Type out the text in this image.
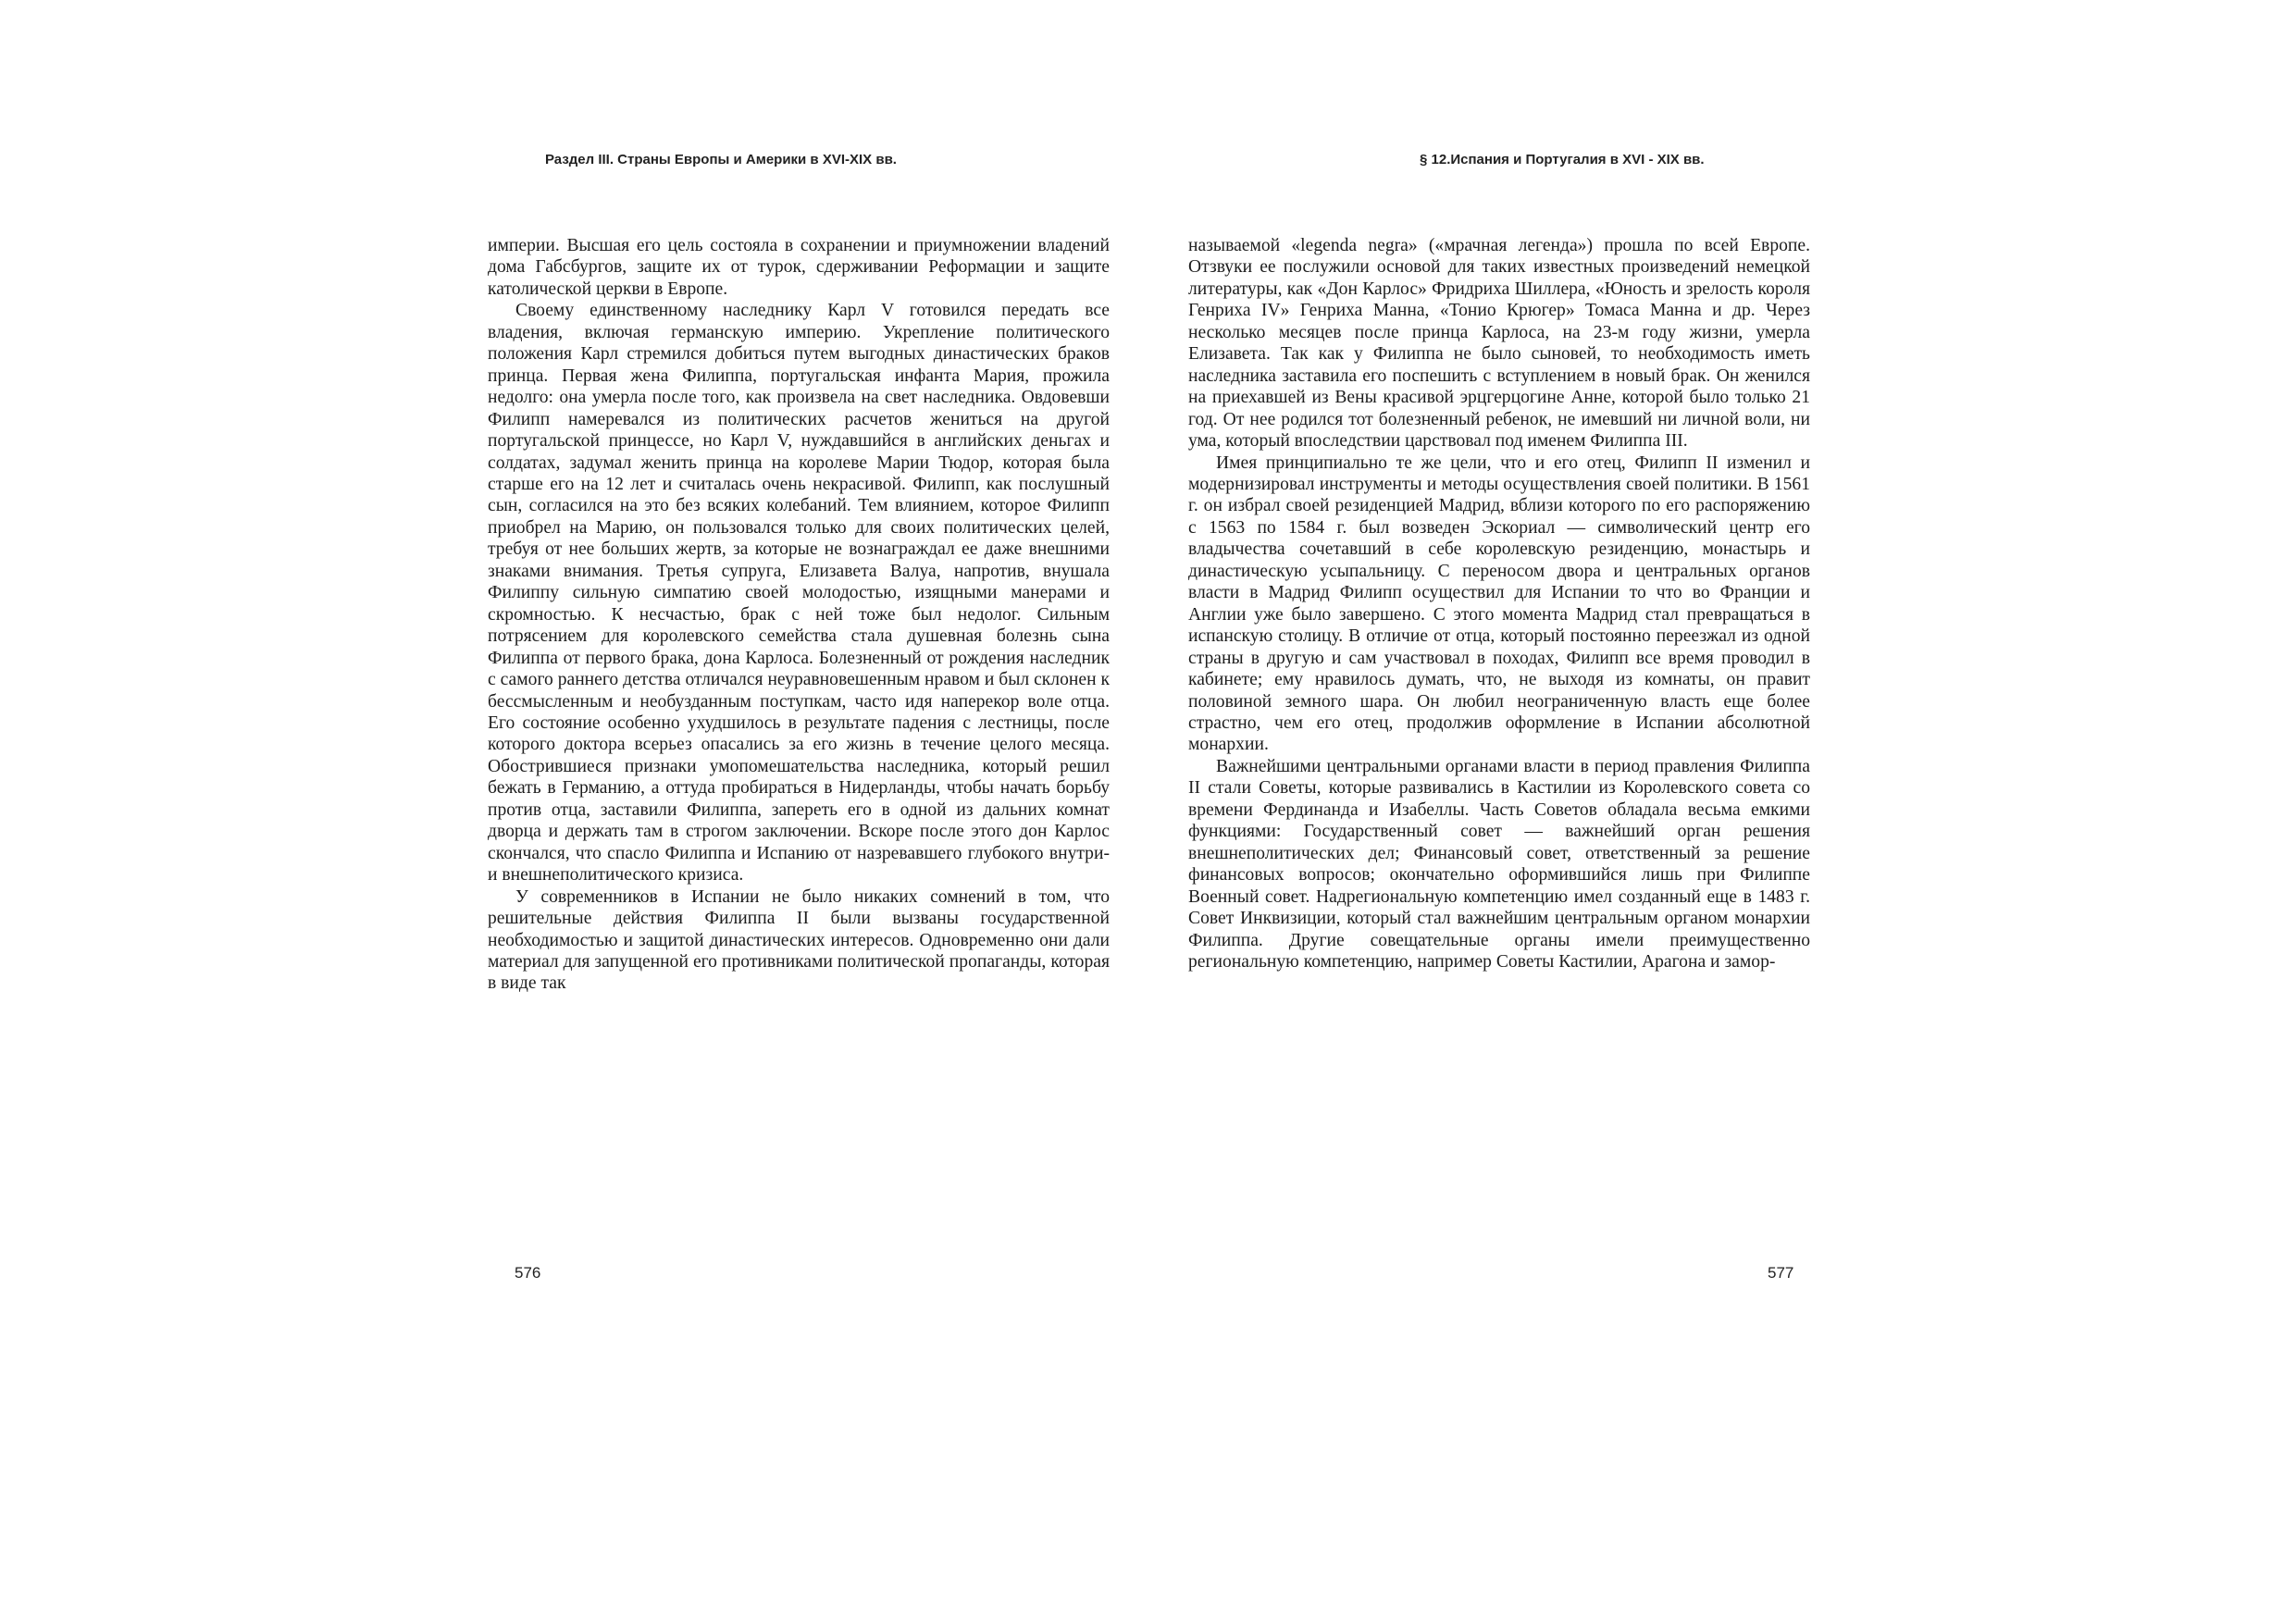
Раздел III. Страны Европы и Америки в XVI-XIX вв.

империи. Высшая его цель состояла в сохранении и приумножении владений дома Габсбургов, защите их от турок, сдерживании Реформации и защите католической церкви в Европе.

Своему единственному наследнику Карл V готовился передать все владения, включая германскую империю. Укрепление политического положения Карл стремился добиться путем выгодных династических браков принца. Первая жена Филиппа, португальская инфанта Мария, прожила недолго: она умерла после того, как произвела на свет наследника. Овдовевши Филипп намеревался из политических расчетов жениться на другой португальской принцессе, но Карл V, нуждавшийся в английских деньгах и солдатах, задумал женить принца на королеве Марии Тюдор, которая была старше его на 12 лет и считалась очень некрасивой. Филипп, как послушный сын, согласился на это без всяких колебаний. Тем влиянием, которое Филипп приобрел на Марию, он пользовался только для своих политических целей, требуя от нее больших жертв, за которые не вознаграждал ее даже внешними знаками внимания. Третья супруга, Елизавета Валуа, напротив, внушала Филиппу сильную симпатию своей молодостью, изящными манерами и скромностью. К несчастью, брак с ней тоже был недолог. Сильным потрясением для королевского семейства стала душевная болезнь сына Филиппа от первого брака, дона Карлоса. Болезненный от рождения наследник с самого раннего детства отличался неуравновешенным нравом и был склонен к бессмысленным и необузданным поступкам, часто идя наперекор воле отца. Его состояние особенно ухудшилось в результате падения с лестницы, после которого доктора всерьез опасались за его жизнь в течение целого месяца. Обострившиеся признаки умопомешательства наследника, который решил бежать в Германию, а оттуда пробираться в Нидерланды, чтобы начать борьбу против отца, заставили Филиппа, запереть его в одной из дальних комнат дворца и держать там в строгом заключении. Вскоре после этого дон Карлос скончался, что спасло Филиппа и Испанию от назревавшего глубокого внутри- и внешнеполитического кризиса.

У современников в Испании не было никаких сомнений в том, что решительные действия Филиппа II были вызваны государственной необходимостью и защитой династических интересов. Одновременно они дали материал для запущенной его противниками политической пропаганды, которая в виде так

576
§ 12.Испания и Португалия в XVI - XIX вв.

называемой «legenda negra» («мрачная легенда») прошла по всей Европе. Отзвуки ее послужили основой для таких известных произведений немецкой литературы, как «Дон Карлос» Фридриха Шиллера, «Юность и зрелость короля Генриха IV» Генриха Манна, «Тонио Крюгер» Томаса Манна и др. Через несколько месяцев после принца Карлоса, на 23-м году жизни, умерла Елизавета. Так как у Филиппа не было сыновей, то необходимость иметь наследника заставила его поспешить с вступлением в новый брак. Он женился на приехавшей из Вены красивой эрцгерцогине Анне, которой было только 21 год. От нее родился тот болезненный ребенок, не имевший ни личной воли, ни ума, который впоследствии царствовал под именем Филиппа III.

Имея принципиально те же цели, что и его отец, Филипп II изменил и модернизировал инструменты и методы осуществления своей политики. В 1561 г. он избрал своей резиденцией Мадрид, вблизи которого по его распоряжению с 1563 по 1584 г. был возведен Эскориал — символический центр его владычества сочетавший в себе королевскую резиденцию, монастырь и династическую усыпальницу. С переносом двора и центральных органов власти в Мадрид Филипп осуществил для Испании то что во Франции и Англии уже было завершено. С этого момента Мадрид стал превращаться в испанскую столицу. В отличие от отца, который постоянно переезжал из одной страны в другую и сам участвовал в походах, Филипп все время проводил в кабинете; ему нравилось думать, что, не выходя из комнаты, он правит половиной земного шара. Он любил неограниченную власть еще более страстно, чем его отец, продолжив оформление в Испании абсолютной монархии.

Важнейшими центральными органами власти в период правления Филиппа II стали Советы, которые развивались в Кастилии из Королевского совета со времени Фердинанда и Изабеллы. Часть Советов обладала весьма емкими функциями: Государственный совет — важнейший орган решения внешнеполитических дел; Финансовый совет, ответственный за решение финансовых вопросов; окончательно оформившийся лишь при Филиппе Военный совет. Надрегиональную компетенцию имел созданный еще в 1483 г. Совет Инквизиции, который стал важнейшим центральным органом монархии Филиппа. Другие совещательные органы имели преимущественно региональную компетенцию, например Советы Кастилии, Арагона и замор-

577
